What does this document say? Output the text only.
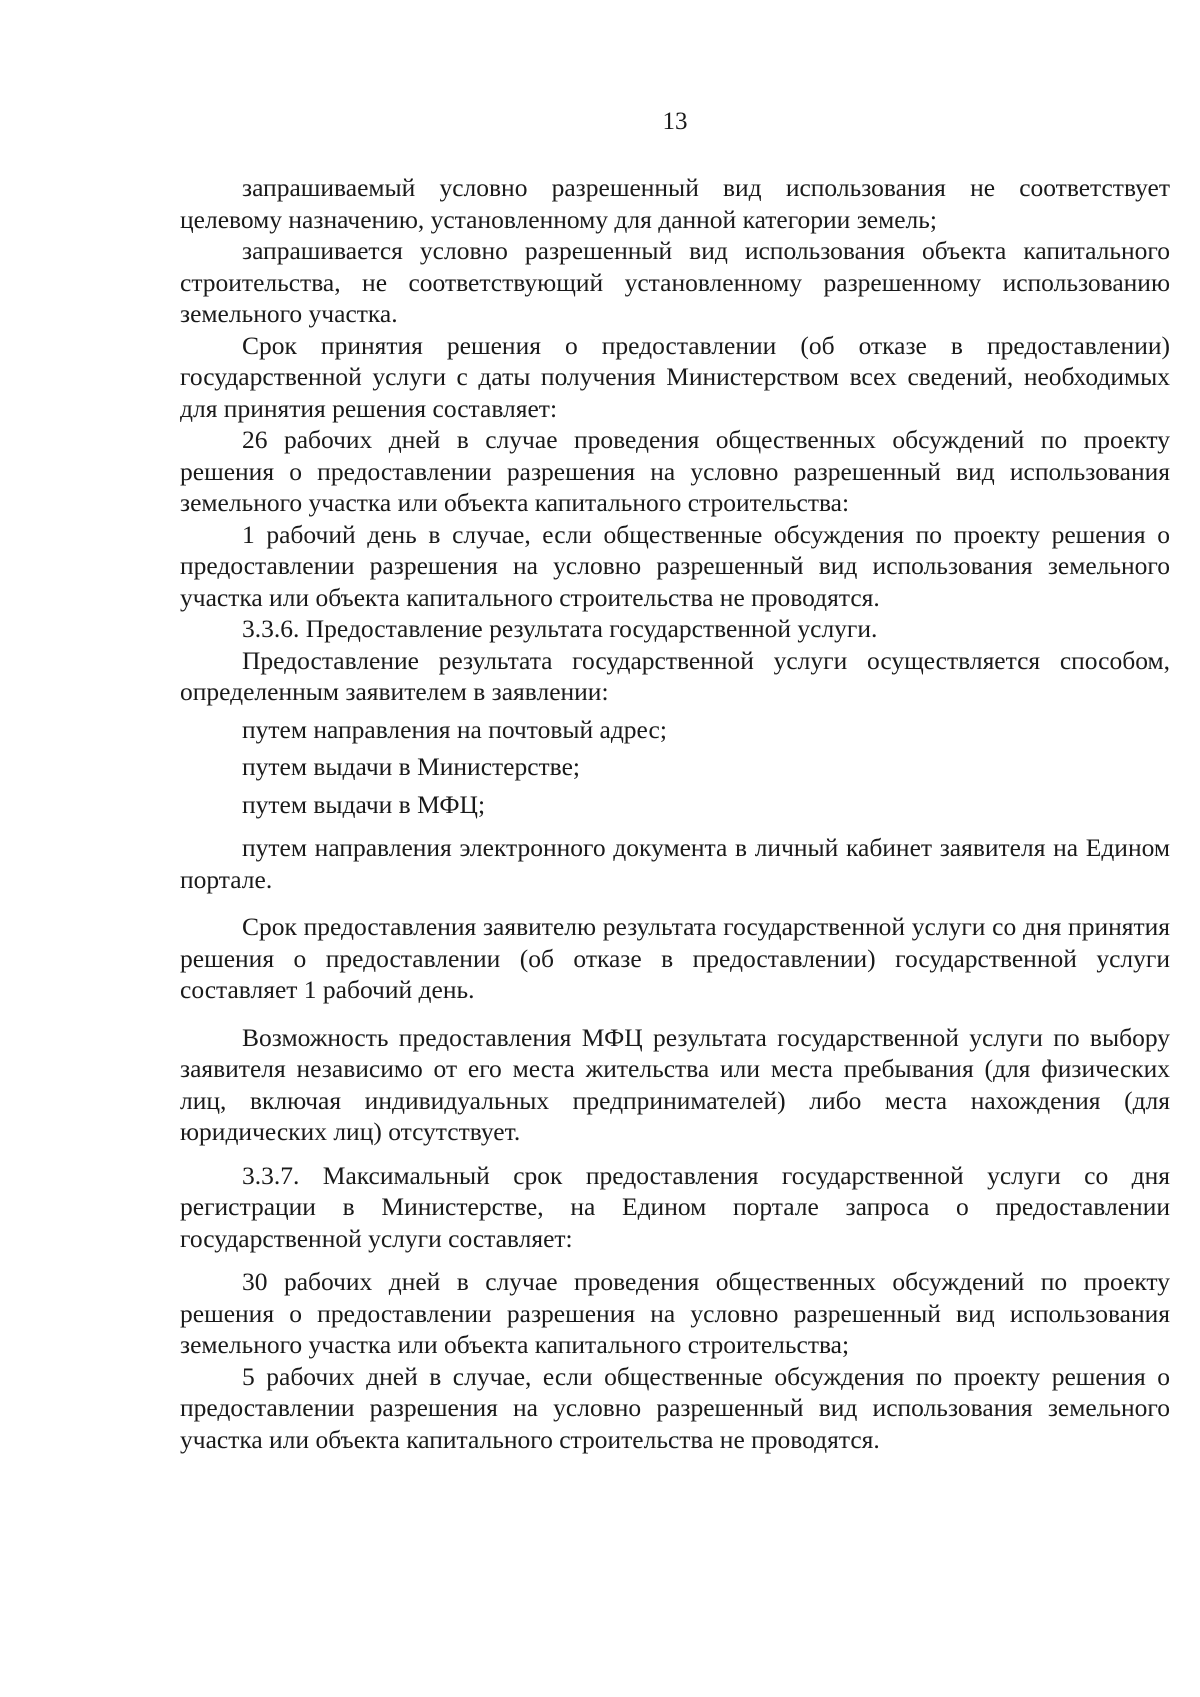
13

запрашиваемый условно разрешенный вид использования не соответствует целевому назначению, установленному для данной категории земель;

запрашивается условно разрешенный вид использования объекта капитального строительства, не соответствующий установленному разрешенному использованию земельного участка.

Срок принятия решения о предоставлении (об отказе в предоставлении) государственной услуги с даты получения Министерством всех сведений, необходимых для принятия решения составляет:

26 рабочих дней в случае проведения общественных обсуждений по проекту решения о предоставлении разрешения на условно разрешенный вид использования земельного участка или объекта капитального строительства:

1 рабочий день в случае, если общественные обсуждения по проекту решения о предоставлении разрешения на условно разрешенный вид использования земельного участка или объекта капитального строительства не проводятся.

3.3.6. Предоставление результата государственной услуги.

Предоставление результата государственной услуги осуществляется способом, определенным заявителем в заявлении:

путем направления на почтовый адрес;

путем выдачи в Министерстве;

путем выдачи в МФЦ;

путем направления электронного документа в личный кабинет заявителя на Едином портале.

Срок предоставления заявителю результата государственной услуги со дня принятия решения о предоставлении (об отказе в предоставлении) государственной услуги составляет 1 рабочий день.

Возможность предоставления МФЦ результата государственной услуги по выбору заявителя независимо от его места жительства или места пребывания (для физических лиц, включая индивидуальных предпринимателей) либо места нахождения (для юридических лиц) отсутствует.

3.3.7. Максимальный срок предоставления государственной услуги со дня регистрации в Министерстве, на Едином портале запроса о предоставлении государственной услуги составляет:

30 рабочих дней в случае проведения общественных обсуждений по проекту решения о предоставлении разрешения на условно разрешенный вид использования земельного участка или объекта капитального строительства;

5 рабочих дней в случае, если общественные обсуждения по проекту решения о предоставлении разрешения на условно разрешенный вид использования земельного участка или объекта капитального строительства не проводятся.
